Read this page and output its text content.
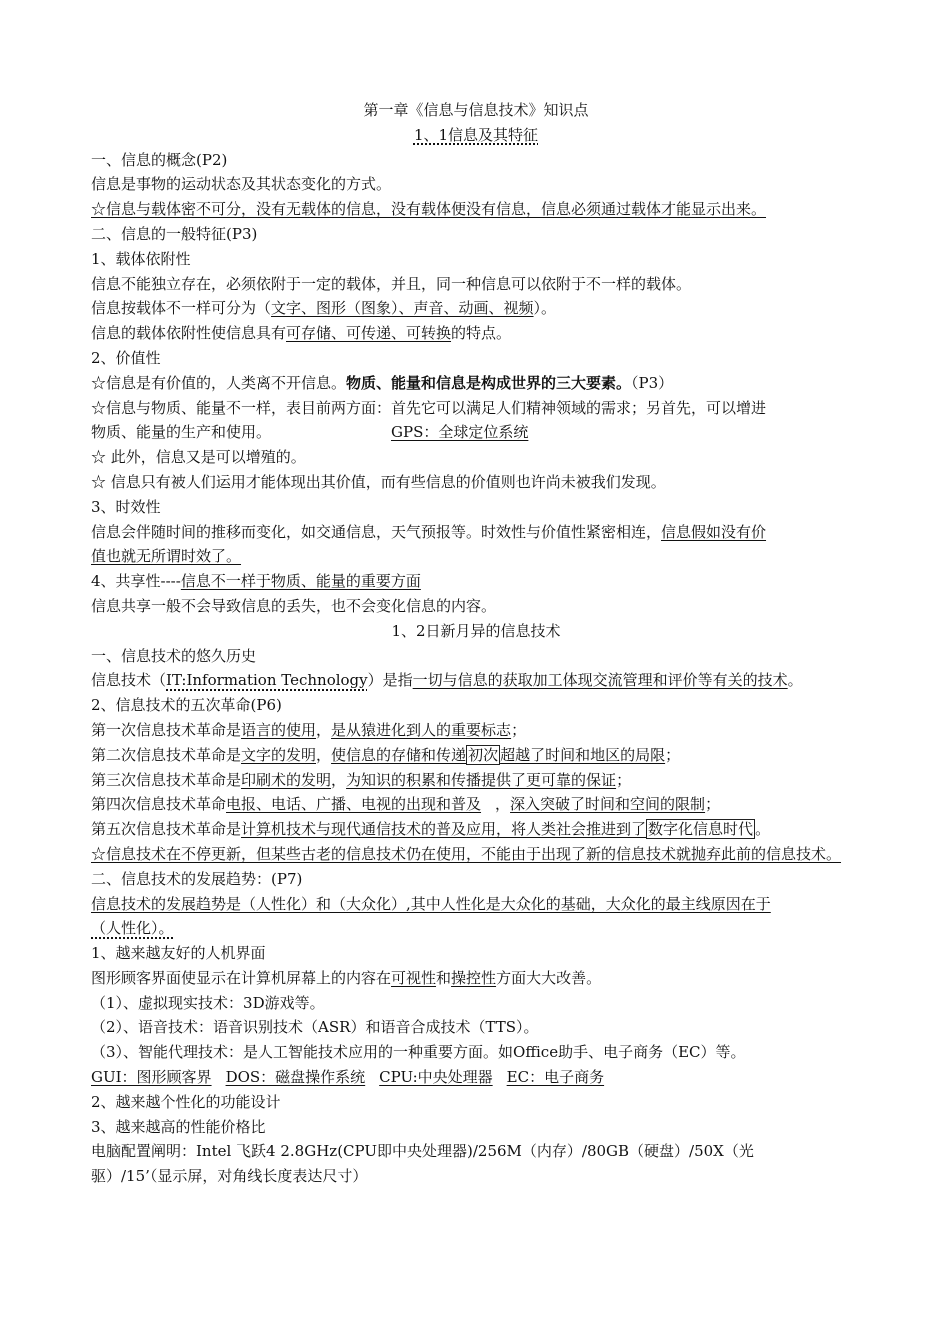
第一章《信息与信息技术》知识点
1、1信息及其特征
一、信息的概念(P2)
信息是事物的运动状态及其状态变化的方式。
☆信息与载体密不可分，没有无载体的信息，没有载体便没有信息，信息必须通过载体才能显示出来。
二、信息的一般特征(P3)
1、载体依附性
信息不能独立存在，必须依附于一定的载体，并且，同一种信息可以依附于不一样的载体。
信息按载体不一样可分为（文字、图形（图象）、声音、动画、视频）。
信息的载体依附性使信息具有可存储、可传递、可转换的特点。
2、价值性
☆信息是有价值的，人类离不开信息。物质、能量和信息是构成世界的三大要素。（P3）
☆信息与物质、能量不一样，表目前两方面：首先它可以满足人们精神领域的需求；另首先，可以增进
物质、能量的生产和使用。	GPS：全球定位系统
☆ 此外，信息又是可以增殖的。
☆ 信息只有被人们运用才能体现出其价值，而有些信息的价值则也许尚未被我们发现。
3、时效性
信息会伴随时间的推移而变化，如交通信息，天气预报等。时效性与价值性紧密相连，信息假如没有价
值也就无所谓时效了。
4、共享性----信息不一样于物质、能量的重要方面
信息共享一般不会导致信息的丢失，也不会变化信息的内容。
1、2日新月异的信息技术
一、信息技术的悠久历史
信息技术（IT:Information Technology）是指一切与信息的获取加工体现交流管理和评价等有关的技术。
2、信息技术的五次革命(P6)
第一次信息技术革命是语言的使用，是从猿进化到人的重要标志；
第二次信息技术革命是文字的发明，使信息的存储和传递 初次 超越了时间和地区的局限；
第三次信息技术革命是印刷术的发明，为知识的积累和传播提供了更可靠的保证；
第四次信息技术革命电报、电话、广播、电视的出现和普及 ，深入突破了时间和空间的限制；
第五次信息技术革命是计算机技术与现代通信技术的普及应用，将人类社会推进到了 数字化信息时代 。
☆信息技术在不停更新，但某些古老的信息技术仍在使用，不能由于出现了新的信息技术就抛弃此前的信息技术。
二、信息技术的发展趋势：(P7)
信息技术的发展趋势是（人性化）和（大众化）,其中人性化是大众化的基础，大众化的最主线原因在于
（人性化）。
1、越来越友好的人机界面
图形顾客界面使显示在计算机屏幕上的内容在可视性和操控性方面大大改善。
（1）、虚拟现实技术：3D游戏等。
（2）、语音技术：语音识别技术（ASR）和语音合成技术（TTS）。
（3）、智能代理技术：是人工智能技术应用的一种重要方面。如Office助手、电子商务（EC）等。
GUI：图形顾客界 DOS：磁盘操作系统 CPU:中央处理器 EC：电子商务
2、越来越个性化的功能设计
3、越来越高的性能价格比
电脑配置阐明：Intel 飞跃4 2.8GHz(CPU即中央处理器)/256M（内存）/80GB（硬盘）/50X（光
驱）/15’（显示屏，对角线长度表达尺寸）
